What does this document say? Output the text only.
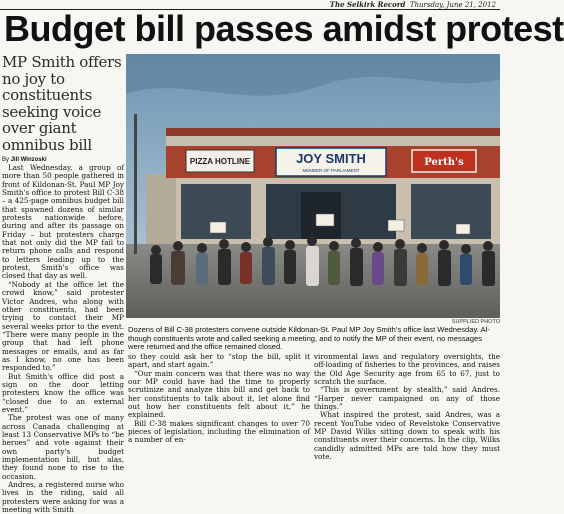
The Selkirk Record Thursday, June 21, 2012
Budget bill passes amidst protest
MP Smith offers no joy to constituents seeking voice over giant omnibus bill
By Jill Winzoski

Last Wednesday, a group of more than 50 people gathered in front of Kildonan-St. Paul MP Joy Smith's office to protest Bill C-38 – a 425-page omnibus budget bill that spawned dozens of similar protests nationwide before, during and after its passage on Friday – but protesters charge that not only did the MP fail to return phone calls and respond to letters leading up to the protest, Smith's office was closed that day as well.

“Nobody at the office let the crowd know,” said protester Victor Andres, who along with other constituents, had been trying to contact their MP several weeks prior to the event. “There were many people in the group that had left phone messages or emails, and as far as I know, no one has been responded to.”

But Smith's office did post a sign on the door letting protesters know the office was “closed due to an external event.”

The protest was one of many across Canada challenging at least 13 Conservative MPs to “be heroes” and vote against their own party's budget implementation bill, but alas, they found none to rise to the occasion.

Andres, a registered nurse who lives in the riding, said all protesters were asking for was a meeting with Smith

PIZZA HOTLINE	JOY SMITH
MEMBER OF PARLIAMENT
Perth's
SUPPLIED PHOTO
Dozens of Bill C-38 protesters convene outside Kildonan-St. Paul MP Joy Smith's office last Wednesday. Al-
though constituents wrote and called seeking a meeting, and to notify the MP of their event, no messages
were returned and the office remained closed.

so they could ask her to “stop the bill, split it apart, and start again.”

“Our main concern was that there was no way our MP could have had the time to properly scrutinize and analyze this bill and get back to her constituents to talk about it, let alone find out how her constituents felt about it,” he explained.

Bill C-38 makes significant changes to over 70 pieces of legislation, including the elimination of a number of en-

vironmental laws and regulatory oversights, the off-loading of fisheries to the provinces, and raises the Old Age Security age from 65 to 67, just to scratch the surface.

“This is government by stealth,” said Andres. “Harper never campaigned on any of those things.”

What inspired the protest, said Andres, was a recent YouTube video of Revelstoke Conservative MP David Wilks sitting down to speak with his constituents over their concerns. In the clip, Wilks candidly admitted MPs are told how they must vote.
